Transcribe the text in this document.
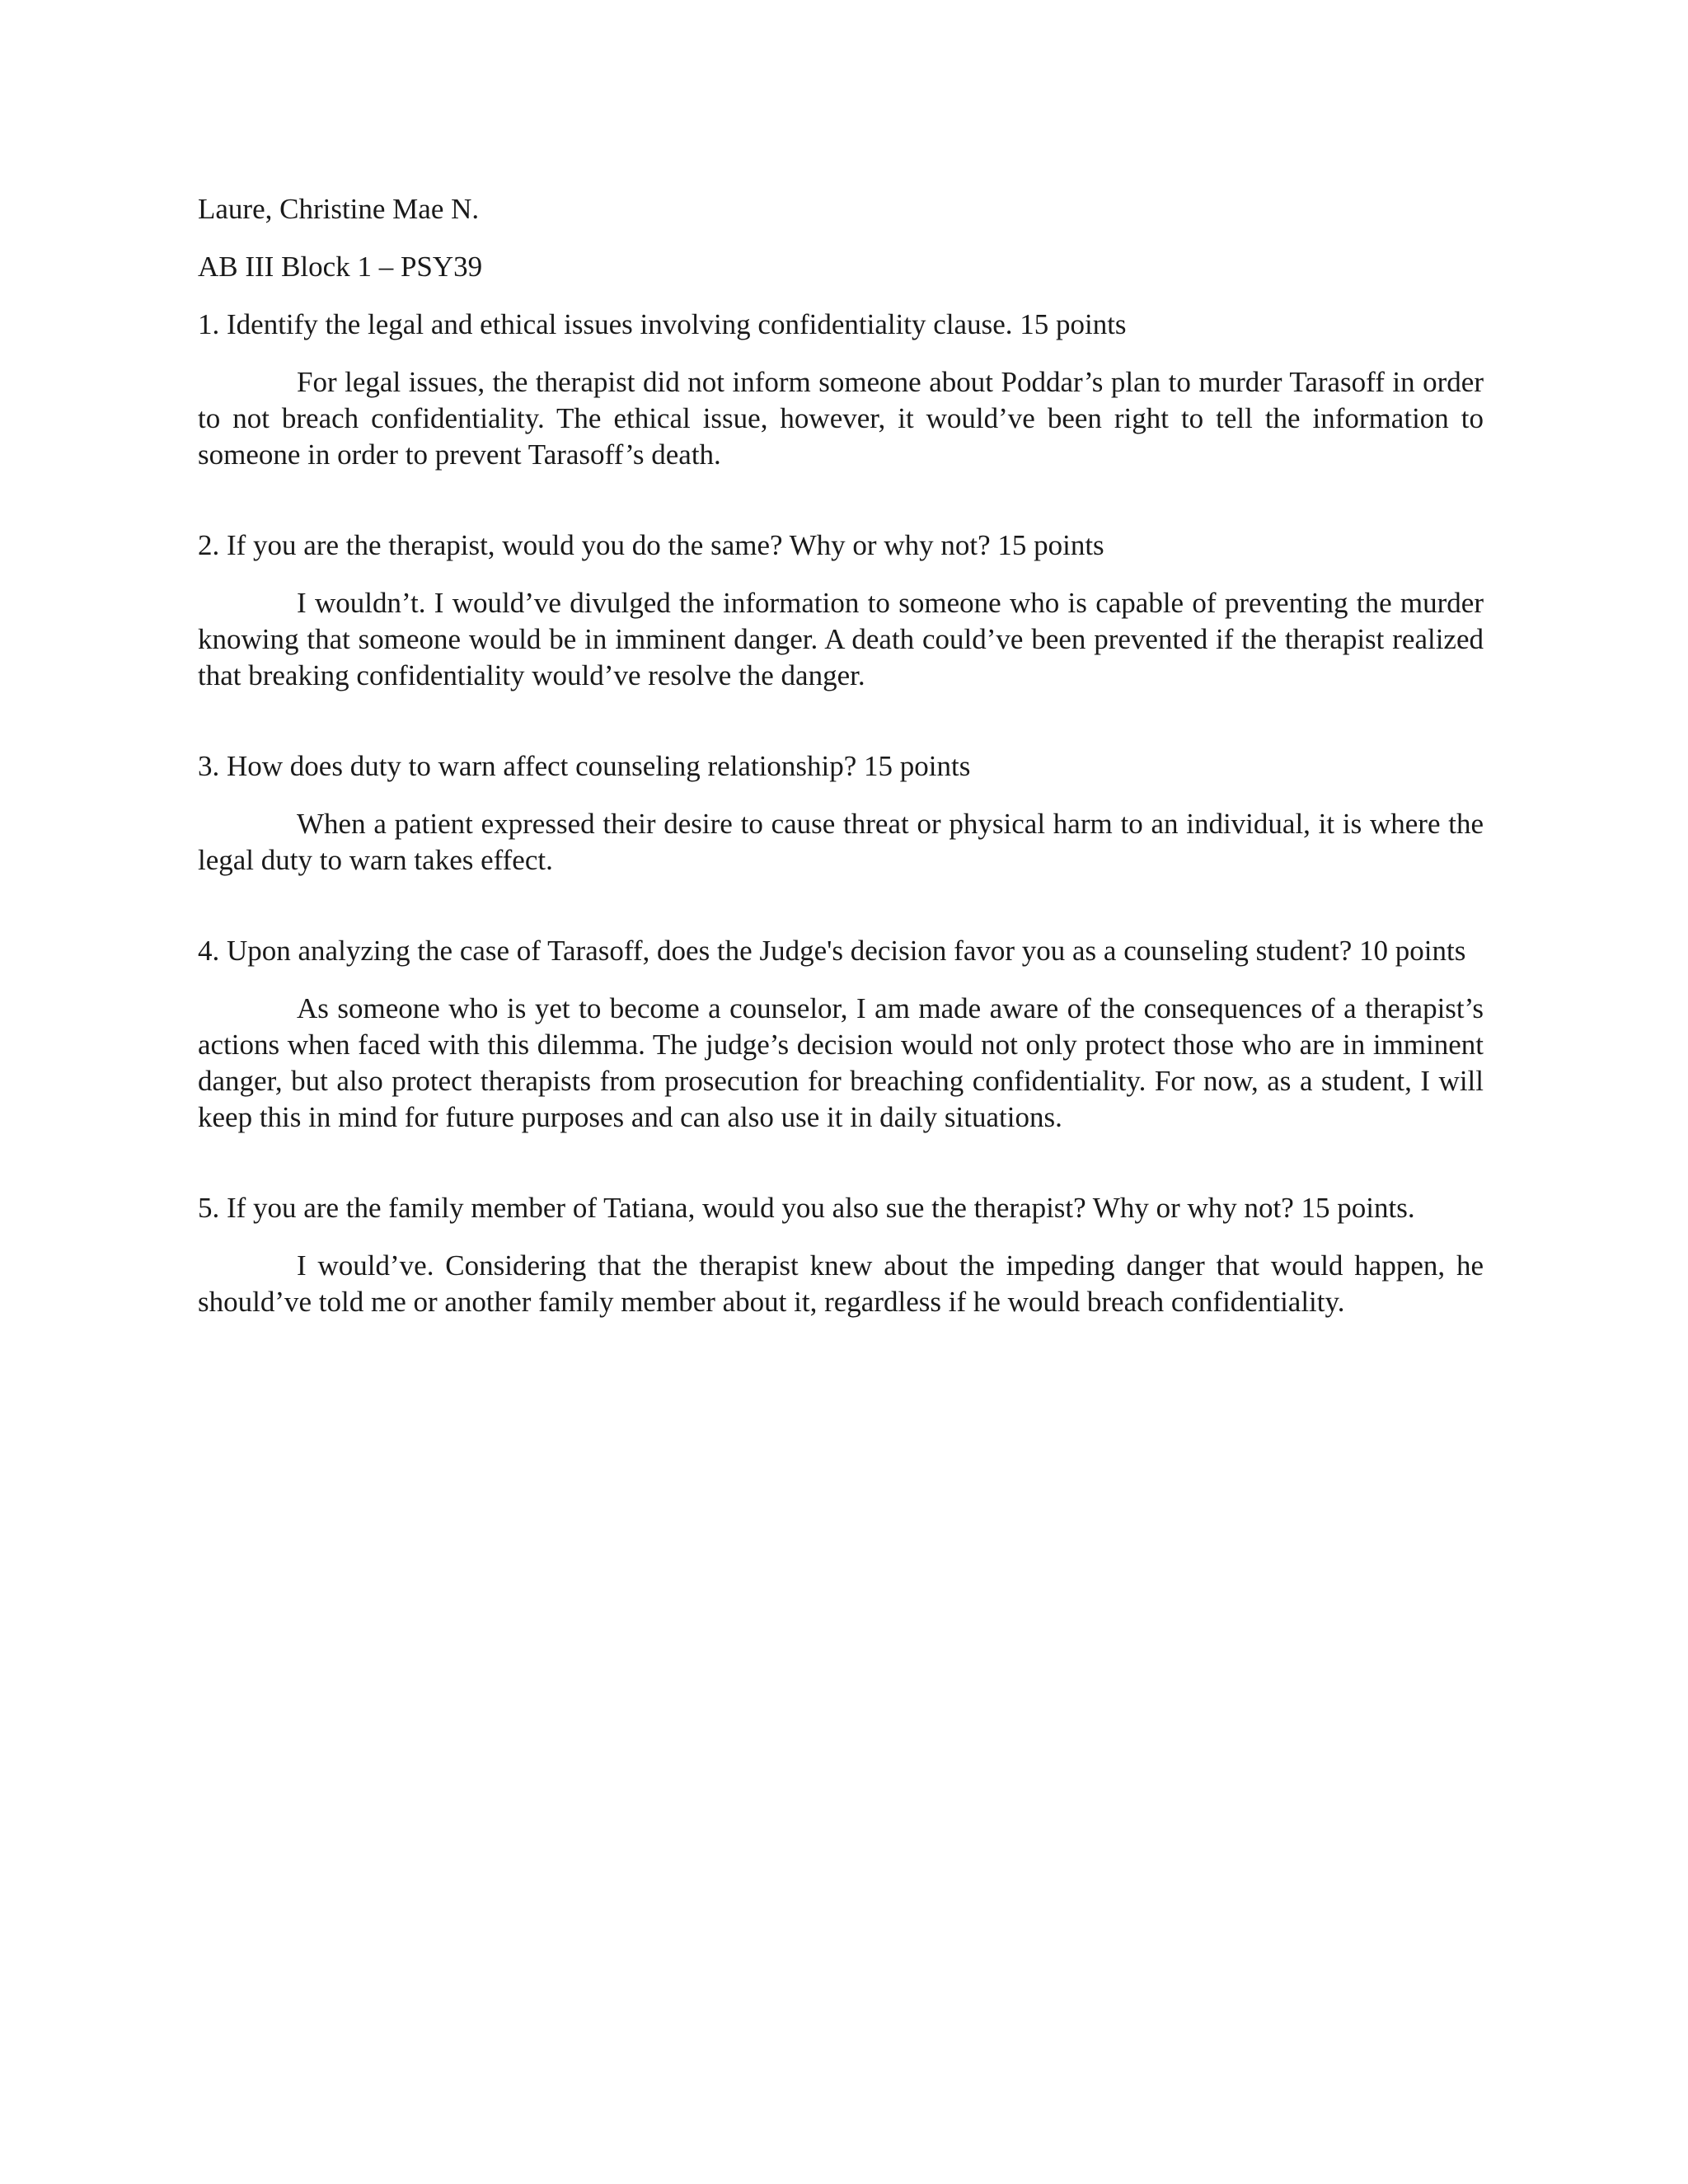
Laure, Christine Mae N.

AB III Block 1 – PSY39

1. Identify the legal and ethical issues involving confidentiality clause. 15 points

For legal issues, the therapist did not inform someone about Poddar’s plan to murder Tarasoff in order to not breach confidentiality. The ethical issue, however, it would’ve been right to tell the information to someone in order to prevent Tarasoff’s death.

2. If you are the therapist, would you do the same? Why or why not? 15 points

I wouldn’t. I would’ve divulged the information to someone who is capable of preventing the murder knowing that someone would be in imminent danger. A death could’ve been prevented if the therapist realized that breaking confidentiality would’ve resolve the danger.

3. How does duty to warn affect counseling relationship? 15 points

When a patient expressed their desire to cause threat or physical harm to an individual, it is where the legal duty to warn takes effect.

4. Upon analyzing the case of Tarasoff, does the Judge's decision favor you as a counseling student? 10 points

As someone who is yet to become a counselor, I am made aware of the consequences of a therapist’s actions when faced with this dilemma. The judge’s decision would not only protect those who are in imminent danger, but also protect therapists from prosecution for breaching confidentiality. For now, as a student, I will keep this in mind for future purposes and can also use it in daily situations.

5. If you are the family member of Tatiana, would you also sue the therapist? Why or why not? 15 points.

I would’ve. Considering that the therapist knew about the impeding danger that would happen, he should’ve told me or another family member about it, regardless if he would breach confidentiality.
